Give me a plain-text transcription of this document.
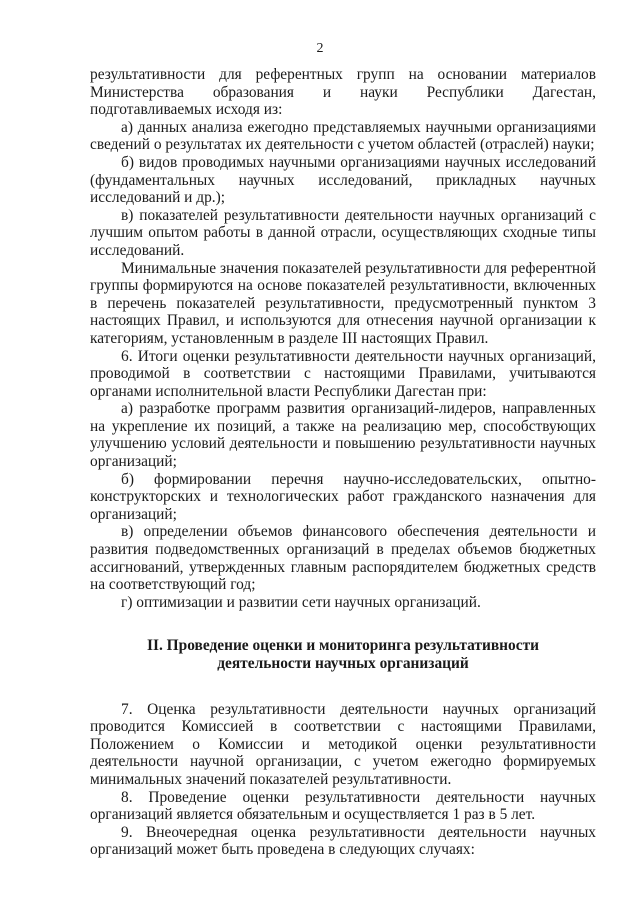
2

результативности для референтных групп на основании материалов Министерства образования и науки Республики Дагестан, подготавливаемых исходя из:

а) данных анализа ежегодно представляемых научными организациями сведений о результатах их деятельности с учетом областей (отраслей) науки;

б) видов проводимых научными организациями научных исследований (фундаментальных научных исследований, прикладных научных исследований и др.);

в) показателей результативности деятельности научных организаций с лучшим опытом работы в данной отрасли, осуществляющих сходные типы исследований.

Минимальные значения показателей результативности для референтной группы формируются на основе показателей результативности, включенных в перечень показателей результативности, предусмотренный пунктом 3 настоящих Правил, и используются для отнесения научной организации к категориям, установленным в разделе III настоящих Правил.

6. Итоги оценки результативности деятельности научных организаций, проводимой в соответствии с настоящими Правилами, учитываются органами исполнительной власти Республики Дагестан при:

а) разработке программ развития организаций-лидеров, направленных на укрепление их позиций, а также на реализацию мер, способствующих улучшению условий деятельности и повышению результативности научных организаций;

б) формировании перечня научно-исследовательских, опытно-конструкторских и технологических работ гражданского назначения для организаций;

в) определении объемов финансового обеспечения деятельности и развития подведомственных организаций в пределах объемов бюджетных ассигнований, утвержденных главным распорядителем бюджетных средств на соответствующий год;

г) оптимизации и развитии сети научных организаций.

II. Проведение оценки и мониторинга результативности деятельности научных организаций

7. Оценка результативности деятельности научных организаций проводится Комиссией в соответствии с настоящими Правилами, Положением о Комиссии и методикой оценки результативности деятельности научной организации, с учетом ежегодно формируемых минимальных значений показателей результативности.

8. Проведение оценки результативности деятельности научных организаций является обязательным и осуществляется 1 раз в 5 лет.

9. Внеочередная оценка результативности деятельности научных организаций может быть проведена в следующих случаях:
